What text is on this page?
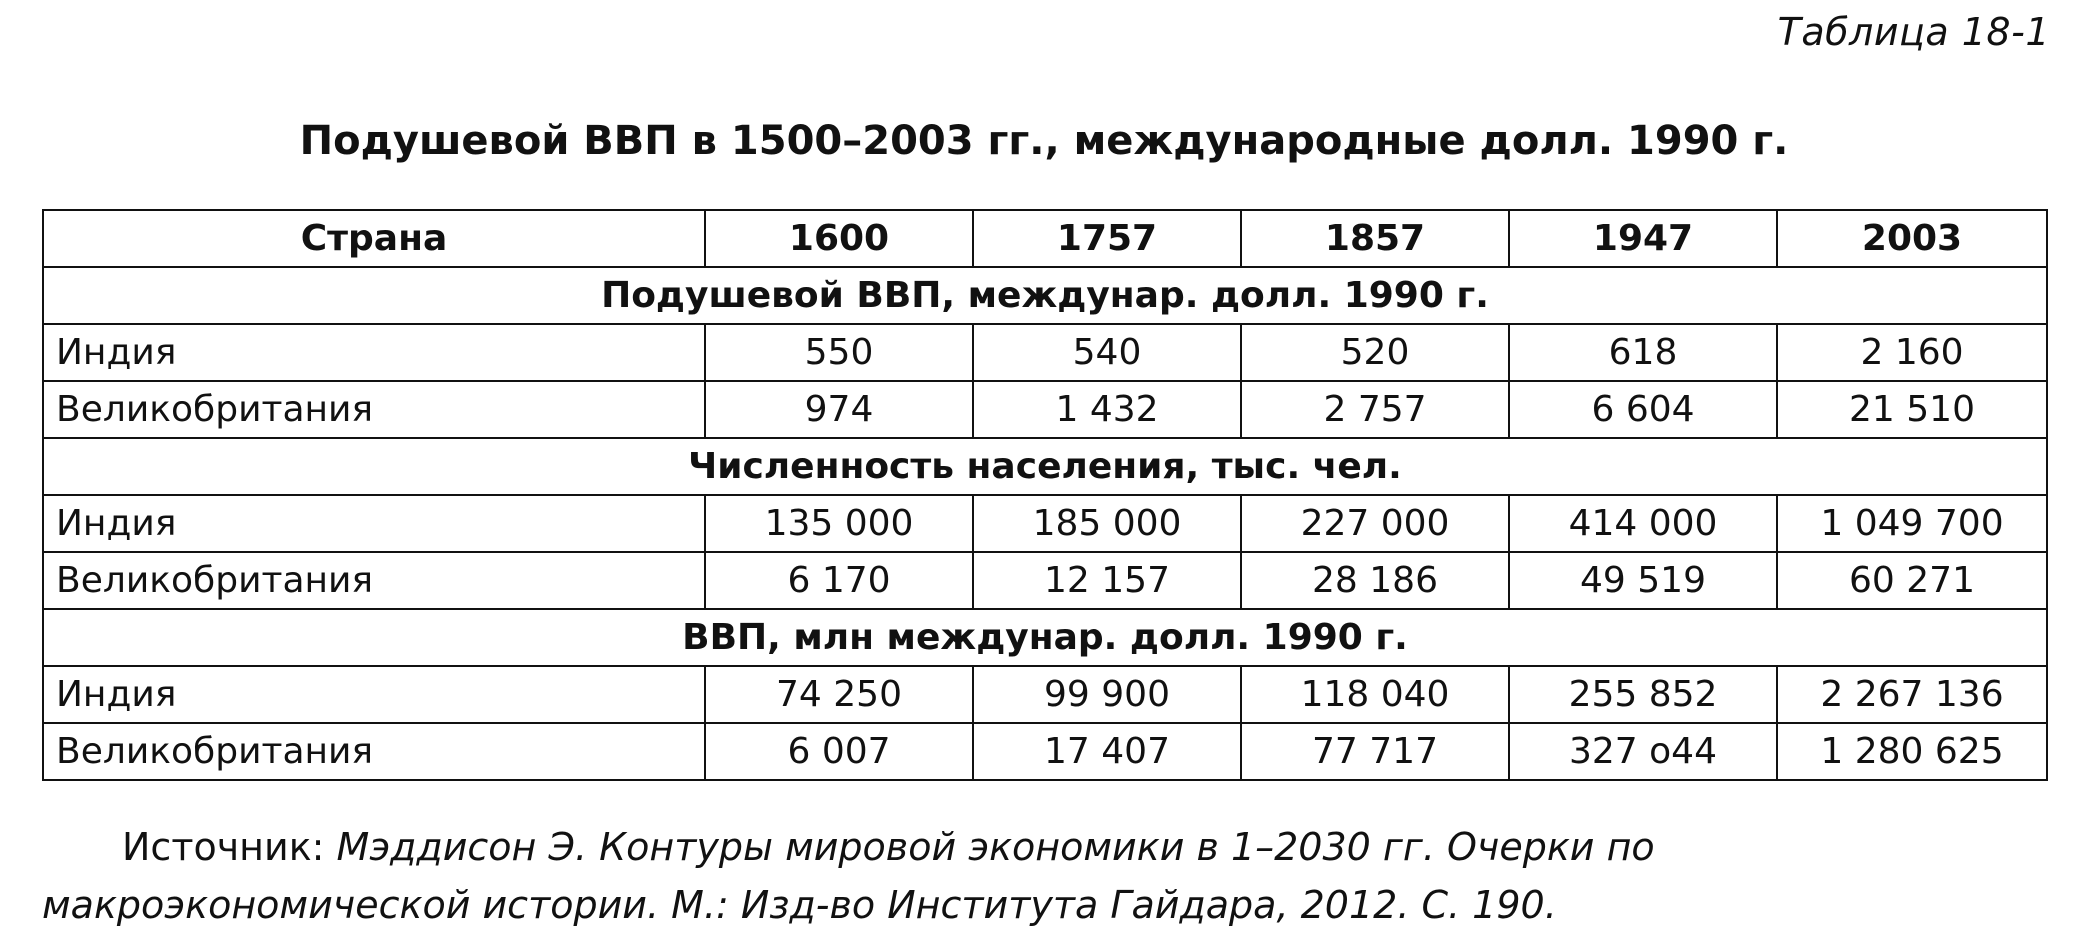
Таблица 18-1
Подушевой ВВП в 1500–2003 гг., международные долл. 1990 г.
Страна	1600	1757	1857	1947	2003
Подушевой ВВП, междунар. долл. 1990 г.					
Индия	550	540	520	618	2 160
Великобритания	974	1 432	2 757	6 604	21 510
Численность населения, тыс. чел.					
Индия	135 000	185 000	227 000	414 000	1 049 700
Великобритания	6 170	12 157	28 186	49 519	60 271
ВВП, млн междунар. долл. 1990 г.					
Индия	74 250	99 900	118 040	255 852	2 267 136
Великобритания	6 007	17 407	77 717	327 о44	1 280 625
Источник: Мэддисон Э. Контуры мировой экономики в 1–2030 гг. Очерки по макроэкономической истории. М.: Изд-во Института Гайдара, 2012. С. 190.
